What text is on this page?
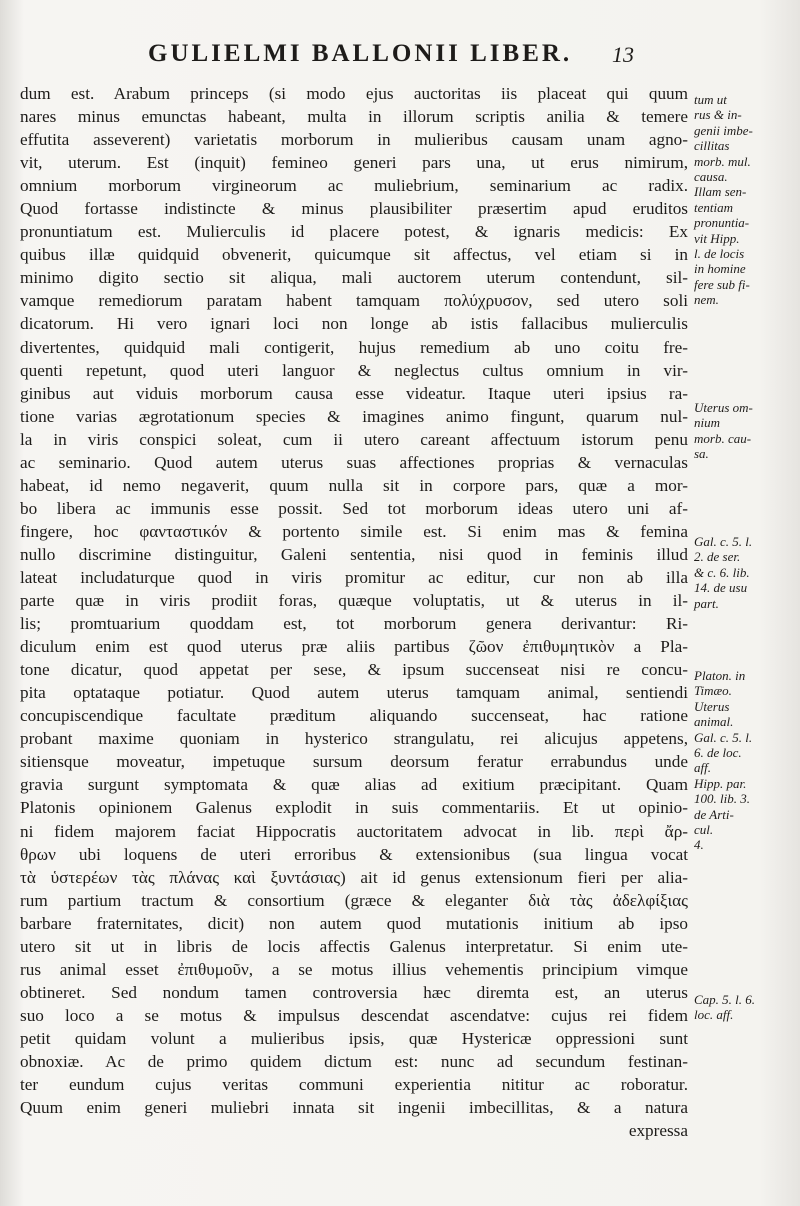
GULIELMI BALLONII LIBER. 13
dum est. Arabum princeps (si modo ejus auctoritas iis placeat qui quum
nares minus emunctas habeant, multa in illorum scriptis anilia & temere
effutita asseverent) varietatis morborum in mulieribus causam unam agno-
vit, uterum. Est (inquit) femineo generi pars una, ut erus nimirum,
omnium morborum virgineorum ac muliebrium, seminarium ac radix.
Quod fortasse indistincte & minus plausibiliter præsertim apud eruditos
pronuntiatum est. Mulierculis id placere potest, & ignaris medicis: Ex
quibus illæ quidquid obvenerit, quicumque sit affectus, vel etiam si in
minimo digito sectio sit aliqua, mali auctorem uterum contendunt, sil-
vamque remediorum paratam habent tamquam πολύχρυσον, sed utero soli
dicatorum. Hi vero ignari loci non longe ab istis fallacibus mulierculis
divertentes, quidquid mali contigerit, hujus remedium ab uno coitu fre-
quenti repetunt, quod uteri languor & neglectus cultus omnium in vir-
ginibus aut viduis morborum causa esse videatur. Itaque uteri ipsius ra-
tione varias ægrotationum species & imagines animo fingunt, quarum nul-
la in viris conspici soleat, cum ii utero careant affectuum istorum penu
ac seminario. Quod autem uterus suas affectiones proprias & vernaculas
habeat, id nemo negaverit, quum nulla sit in corpore pars, quæ a mor-
bo libera ac immunis esse possit. Sed tot morborum ideas utero uni af-
fingere, hoc φανταστικόν & portento simile est. Si enim mas & femina
nullo discrimine distinguitur, Galeni sententia, nisi quod in feminis illud
lateat includaturque quod in viris promitur ac editur, cur non ab illa
parte quæ in viris prodiit foras, quæque voluptatis, ut & uterus in il-
lis; promtuarium quoddam est, tot morborum genera derivantur: Ri-
diculum enim est quod uterus præ aliis partibus ζῶον ἐπιθυμητικὸν a Pla-
tone dicatur, quod appetat per sese, & ipsum succenseat nisi re concu-
pita optataque potiatur. Quod autem uterus tamquam animal, sentiendi
concupiscendique facultate præditum aliquando succenseat, hac ratione
probant maxime quoniam in hysterico strangulatu, rei alicujus appetens,
sitiensque moveatur, impetuque sursum deorsum feratur errabundus unde
gravia surgunt symptomata & quæ alias ad exitium præcipitant. Quam
Platonis opinionem Galenus explodit in suis commentariis. Et ut opinio-
ni fidem majorem faciat Hippocratis auctoritatem advocat in lib. περὶ ἄρ-
θρων ubi loquens de uteri erroribus & extensionibus (sua lingua vocat
τὰ ὑστερέων τὰς πλάνας καὶ ξυντάσιας) ait id genus extensionum fieri per alia-
rum partium tractum & consortium (græce & eleganter διὰ τὰς ἀδελφίξιας
barbare fraternitates, dicit) non autem quod mutationis initium ab ipso
utero sit ut in libris de locis affectis Galenus interpretatur. Si enim ute-
rus animal esset ἐπιθυμοῦν, a se motus illius vehementis principium vimque
obtineret. Sed nondum tamen controversia hæc diremta est, an uterus
suo loco a se motus & impulsus descendat ascendatve: cujus rei fidem
petit quidam volunt a mulieribus ipsis, quæ Hystericæ oppressioni sunt
obnoxiæ. Ac de primo quidem dictum est: nunc ad secundum festinan-
ter eundum cujus veritas communi experientia nititur ac roboratur.
Quum enim generi muliebri innata sit ingenii imbecillitas, & a natura
expressa
tum ut
rus & in-
genii imbe-
cillitas
morb. mul.
causa.
Illam sen-
tentiam
pronuntia-
vit Hipp.
l. de locis
in homine
fere sub fi-
nem.
Uterus om-
nium
morb. cau-
sa.
Gal. c. 5. l.
2. de ser.
& c. 6. lib.
14. de usu
part.
Platon. in
Timæo.
Uterus
animal.
Gal. c. 5. l.
6. de loc.
aff.
Hipp. par.
100. lib. 3.
de Arti-
cul.
4.
Cap. 5. l. 6.
loc. aff.
